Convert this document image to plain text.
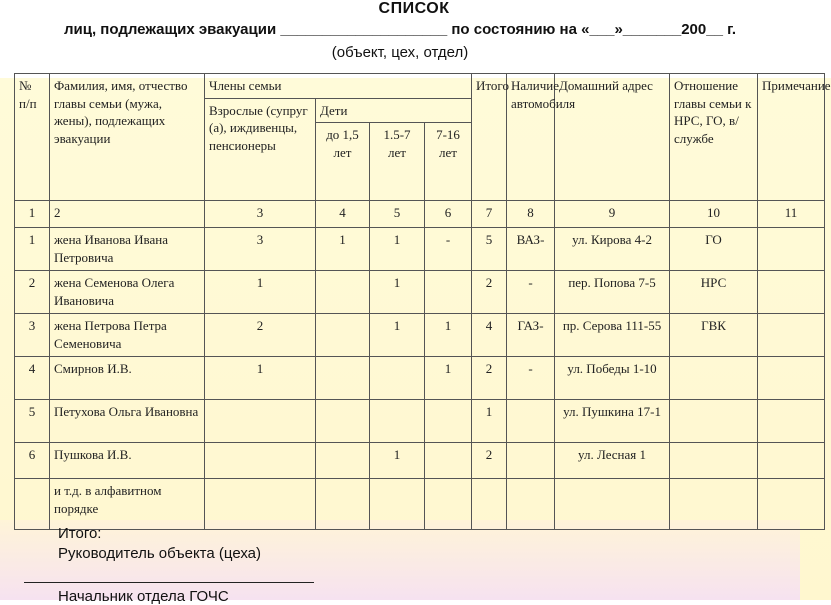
СПИСОК
лиц, подлежащих эвакуации ____________________ по состоянию на «___»_______200__ г.
(объект, цех, отдел)
№ п/п	Фамилия, имя, отчество главы семьи (мужа, жены), подлежащих эвакуации	Члены семьи				Итого	Наличие автомобиля	Домашний адрес	Отношение главы семьи к НРС, ГО, в/службе	Примечание
		Взрослые (супруг (а), иждивенцы, пенсионеры	Дети							
			до 1,5 лет	1.5-7 лет	7-16 лет					
1	2	3	4	5	6	7	8	9	10	11
1	жена Иванова Ивана Петровича	3	1	1	-	5	ВАЗ-	ул. Кирова 4-2	ГО	
2	жена Семенова Олега Ивановича	1		1		2	-	пер. Попова 7-5	НРС	
3	жена Петрова Петра Семеновича	2		1	1	4	ГАЗ-	пр. Серова 111-55	ГВК	
4	Смирнов И.В.	1			1	2	-	ул. Победы 1-10		
5	Петухова Ольга Ивановна					1		ул. Пушкина 17-1		
6	Пушкова И.В.			1		2		ул. Лесная 1		
	и т.д. в алфавитном порядке									
Итого:
Руководитель объекта (цеха)
Начальник отдела ГОЧС
